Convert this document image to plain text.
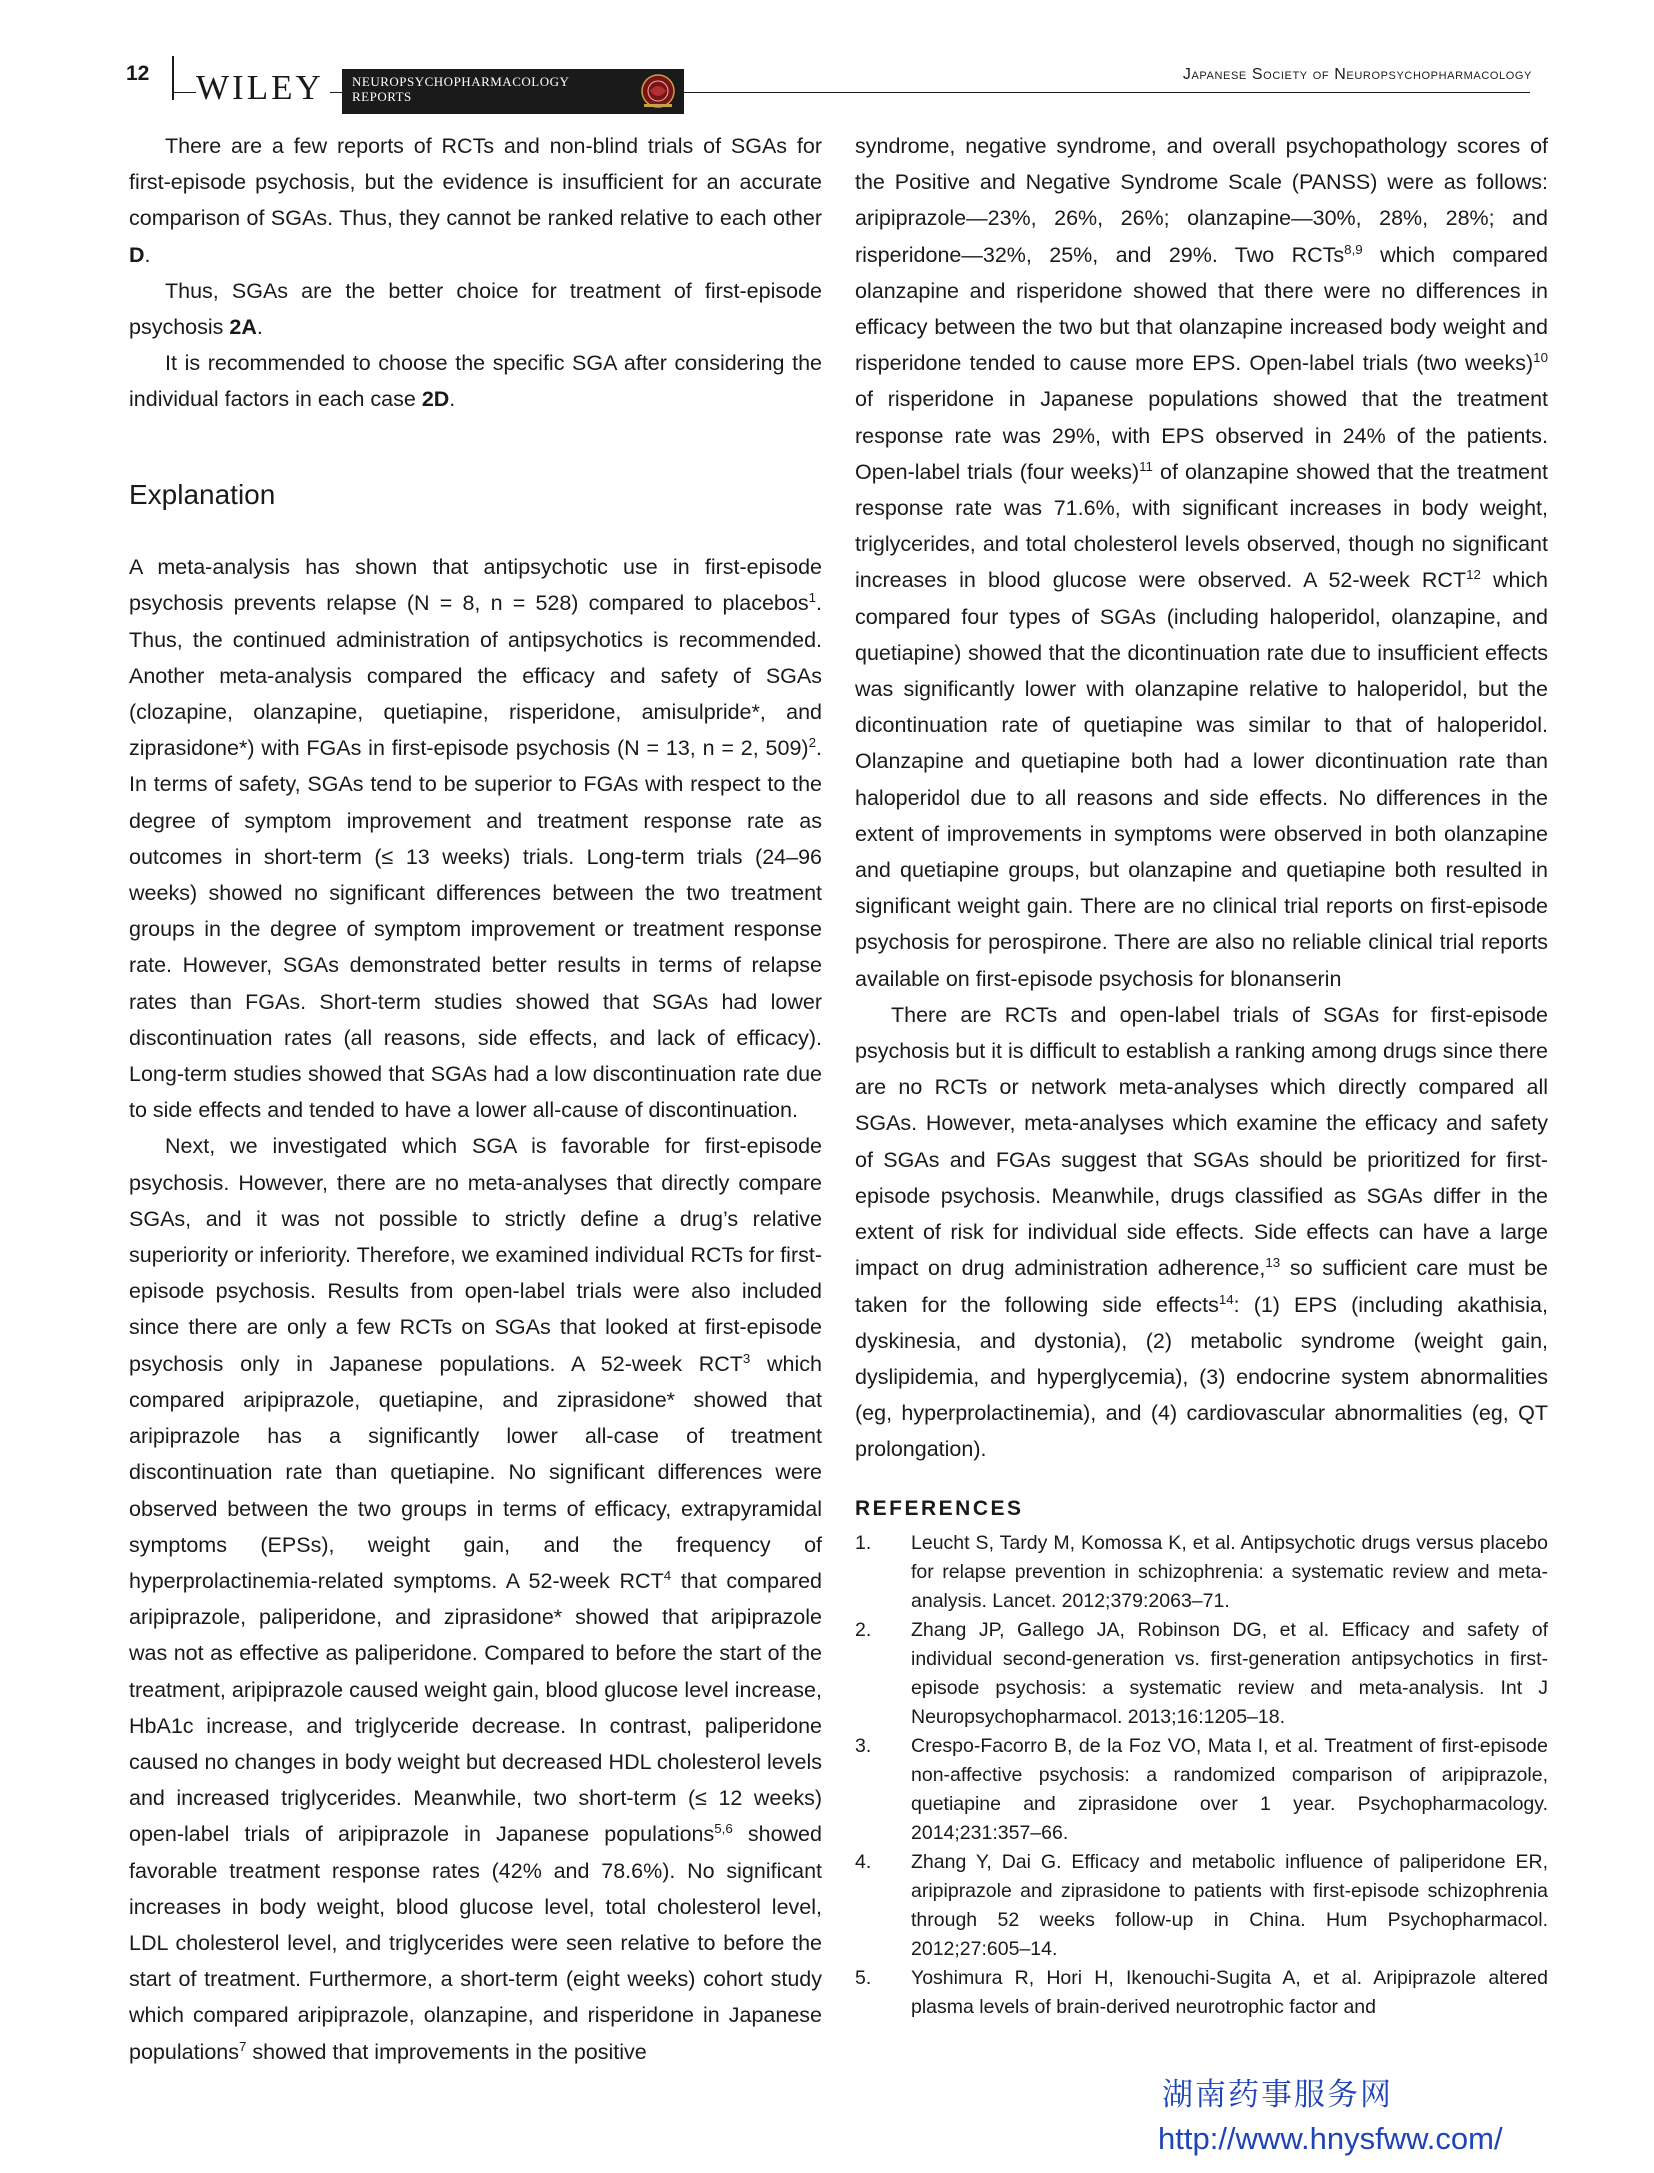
12 WILEY	NEUROPSYCHOPHARMACOLOGY
REPORTS
Japanese Society of Neuropsychopharmacology

There are a few reports of RCTs and non-blind trials of SGAs for first-episode psychosis, but the evidence is insufficient for an accurate comparison of SGAs. Thus, they cannot be ranked relative to each other D.

Thus, SGAs are the better choice for treatment of first-episode psychosis 2A.

It is recommended to choose the specific SGA after considering the individual factors in each case 2D.

Explanation

A meta-analysis has shown that antipsychotic use in first-episode psychosis prevents relapse (N = 8, n = 528) compared to placebos$^1$. Thus, the continued administration of antipsychotics is recommended. Another meta-analysis compared the efficacy and safety of SGAs (clozapine, olanzapine, quetiapine, risperidone, amisulpride*, and ziprasidone*) with FGAs in first-episode psychosis (N = 13, n = 2, 509)$^2$. In terms of safety, SGAs tend to be superior to FGAs with respect to the degree of symptom improvement and treatment response rate as outcomes in short-term (≤ 13 weeks) trials. Long-term trials (24–96 weeks) showed no significant differences between the two treatment groups in the degree of symptom improvement or treatment response rate. However, SGAs demonstrated better results in terms of relapse rates than FGAs. Short-term studies showed that SGAs had lower discontinuation rates (all reasons, side effects, and lack of efficacy). Long-term studies showed that SGAs had a low discontinuation rate due to side effects and tended to have a lower all-cause of discontinuation.

Next, we investigated which SGA is favorable for first-episode psychosis. However, there are no meta-analyses that directly compare SGAs, and it was not possible to strictly define a drug’s relative superiority or inferiority. Therefore, we examined individual RCTs for first-episode psychosis. Results from open-label trials were also included since there are only a few RCTs on SGAs that looked at first-episode psychosis only in Japanese populations. A 52-week RCT$^3$ which compared aripiprazole, quetiapine, and ziprasidone* showed that aripiprazole has a significantly lower all-case of treatment discontinuation rate than quetiapine. No significant differences were observed between the two groups in terms of efficacy, extrapyramidal symptoms (EPSs), weight gain, and the frequency of hyperprolactinemia-related symptoms. A 52-week RCT$^4$ that compared aripiprazole, paliperidone, and ziprasidone* showed that aripiprazole was not as effective as paliperidone. Compared to before the start of the treatment, aripiprazole caused weight gain, blood glucose level increase, HbA1c increase, and triglyceride decrease. In contrast, paliperidone caused no changes in body weight but decreased HDL cholesterol levels and increased triglycerides. Meanwhile, two short-term (≤ 12 weeks) open-label trials of aripiprazole in Japanese populations$^{5,6}$ showed favorable treatment response rates (42% and 78.6%). No significant increases in body weight, blood glucose level, total cholesterol level, LDL cholesterol level, and triglycerides were seen relative to before the start of treatment. Furthermore, a short-term (eight weeks) cohort study which compared aripiprazole, olanzapine, and risperidone in Japanese populations$^7$ showed that improvements in the positive

syndrome, negative syndrome, and overall psychopathology scores of the Positive and Negative Syndrome Scale (PANSS) were as follows: aripiprazole—23%, 26%, 26%; olanzapine—30%, 28%, 28%; and risperidone—32%, 25%, and 29%. Two RCTs$^{8,9}$ which compared olanzapine and risperidone showed that there were no differences in efficacy between the two but that olanzapine increased body weight and risperidone tended to cause more EPS. Open-label trials (two weeks)$^{10}$ of risperidone in Japanese populations showed that the treatment response rate was 29%, with EPS observed in 24% of the patients. Open-label trials (four weeks)$^{11}$ of olanzapine showed that the treatment response rate was 71.6%, with significant increases in body weight, triglycerides, and total cholesterol levels observed, though no significant increases in blood glucose were observed. A 52-week RCT$^{12}$ which compared four types of SGAs (including haloperidol, olanzapine, and quetiapine) showed that the dicontinuation rate due to insufficient effects was significantly lower with olanzapine relative to haloperidol, but the dicontinuation rate of quetiapine was similar to that of haloperidol. Olanzapine and quetiapine both had a lower dicontinuation rate than haloperidol due to all reasons and side effects. No differences in the extent of improvements in symptoms were observed in both olanzapine and quetiapine groups, but olanzapine and quetiapine both resulted in significant weight gain. There are no clinical trial reports on first-episode psychosis for perospirone. There are also no reliable clinical trial reports available on first-episode psychosis for blonanserin

There are RCTs and open-label trials of SGAs for first-episode psychosis but it is difficult to establish a ranking among drugs since there are no RCTs or network meta-analyses which directly compared all SGAs. However, meta-analyses which examine the efficacy and safety of SGAs and FGAs suggest that SGAs should be prioritized for first-episode psychosis. Meanwhile, drugs classified as SGAs differ in the extent of risk for individual side effects. Side effects can have a large impact on drug administration adherence,$^{13}$ so sufficient care must be taken for the following side effects$^{14}$: (1) EPS (including akathisia, dyskinesia, and dystonia), (2) metabolic syndrome (weight gain, dyslipidemia, and hyperglycemia), (3) endocrine system abnormalities (eg, hyperprolactinemia), and (4) cardiovascular abnormalities (eg, QT prolongation).

REFERENCES
1.	Leucht S, Tardy M, Komossa K, et al. Antipsychotic drugs versus placebo for relapse prevention in schizophrenia: a systematic review and meta-analysis. Lancet. 2012;379:2063–71.
2.	Zhang JP, Gallego JA, Robinson DG, et al. Efficacy and safety of individual second-generation vs. first-generation antipsychotics in first-episode psychosis: a systematic review and meta-analysis. Int J Neuropsychopharmacol. 2013;16:1205–18.
3.	Crespo-Facorro B, de la Foz VO, Mata I, et al. Treatment of first-episode non-affective psychosis: a randomized comparison of aripiprazole, quetiapine and ziprasidone over 1 year. Psychopharmacology. 2014;231:357–66.
4.	Zhang Y, Dai G. Efficacy and metabolic influence of paliperidone ER, aripiprazole and ziprasidone to patients with first-episode schizophrenia through 52 weeks follow-up in China. Hum Psychopharmacol. 2012;27:605–14.
5.	Yoshimura R, Hori H, Ikenouchi-Sugita A, et al. Aripiprazole altered plasma levels of brain-derived neurotrophic factor and
湖南药事服务网
http://www.hnysfww.com/
